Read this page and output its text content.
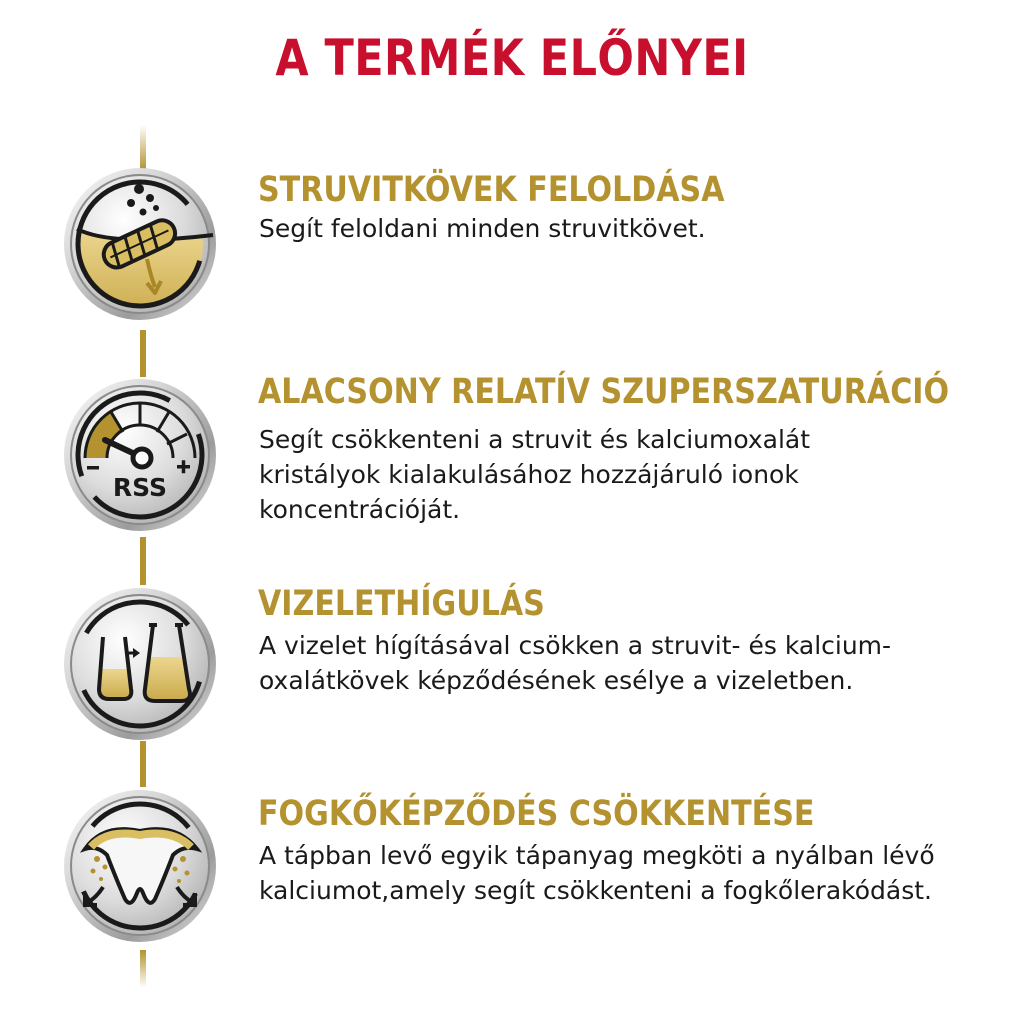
A TERMÉK ELŐNYEI
STRUVITKÖVEK FELOLDÁSA

Segít feloldani minden struvitkövet.

RSS
ALACSONY RELATÍV SZUPERSZATURÁCIÓ

Segít csökkenteni a struvit és kalciumoxalát
kristályok kialakulásához hozzájáruló ionok
koncentrációját.

VIZELETHÍGULÁS

A vizelet hígításával csökken a struvit- és kalcium-
oxalátkövek képződésének esélye a vizeletben.

FOGKŐKÉPZŐDÉS CSÖKKENTÉSE

A tápban levő egyik tápanyag megköti a nyálban lévő
kalciumot,amely segít csökkenteni a fogkőlerakódást.
